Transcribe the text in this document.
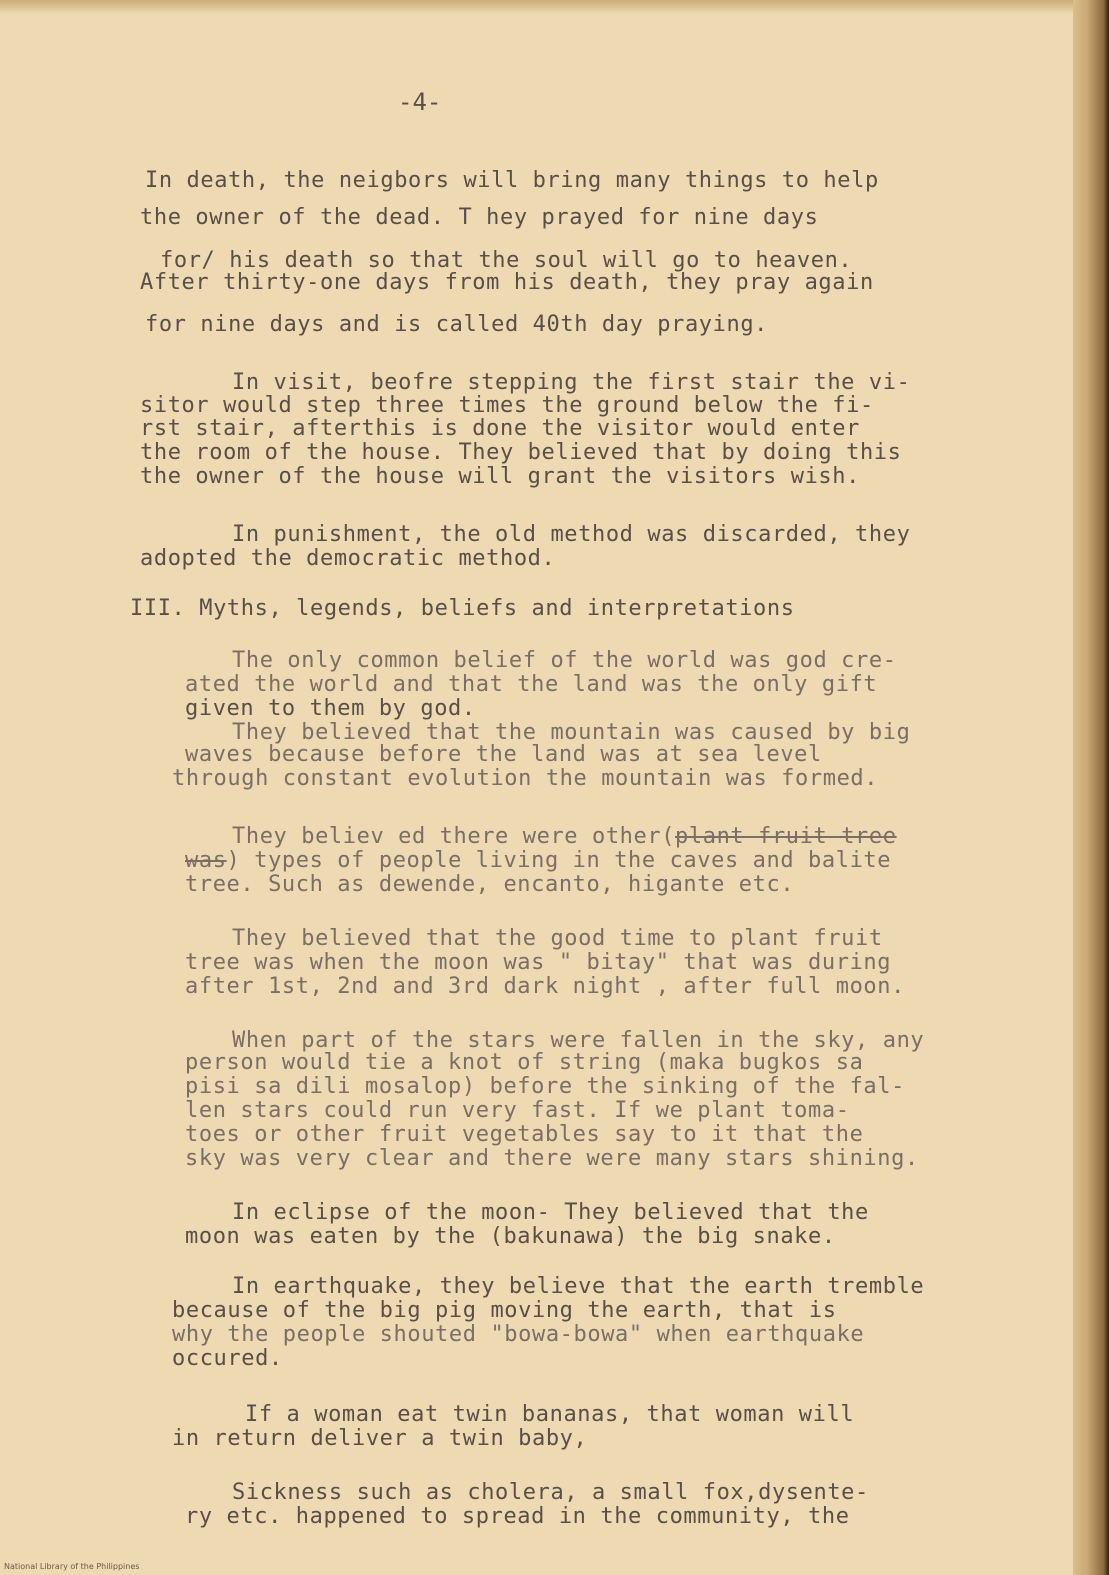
-4-
In death, the neigbors will bring many things to help
the owner of the dead. T hey prayed for nine days
for/ his death so that the soul will go to heaven.
After thirty-one days from his death, they pray again
for nine days and is called 40th day praying.
In visit, beofre stepping the first stair the vi-
sitor would step three times the ground below the fi-
rst stair, afterthis is done the visitor would enter
the room of the house. They believed that by doing this
the owner of the house will grant the visitors wish.
In punishment, the old method was discarded, they
adopted the democratic method.
III. Myths, legends, beliefs and interpretations
The only common belief of the world was god cre-
ated the world and that the land was the only gift
given to them by god.
They believed that the mountain was caused by big
waves because before the land was at sea level
through constant evolution the mountain was formed.
They believ ed there were other(plant fruit tree
was) types of people living in the caves and balite
tree. Such as dewende, encanto, higante etc.
They believed that the good time to plant fruit
tree was when the moon was " bitay" that was during
after 1st, 2nd and 3rd dark night , after full moon.
When part of the stars were fallen in the sky, any
person would tie a knot of string (maka bugkos sa
pisi sa dili mosalop) before the sinking of the fal-
len stars could run very fast. If we plant toma-
toes or other fruit vegetables say to it that the
sky was very clear and there were many stars shining.
In eclipse of the moon- They believed that the
moon was eaten by the (bakunawa) the big snake.
In earthquake, they believe that the earth tremble
because of the big pig moving the earth, that is
why the people shouted "bowa-bowa" when earthquake
occured.
If a woman eat twin bananas, that woman will
in return deliver a twin baby,
Sickness such as cholera, a small fox,dysente-
ry etc. happened to spread in the community, the
National Library of the Philippines
